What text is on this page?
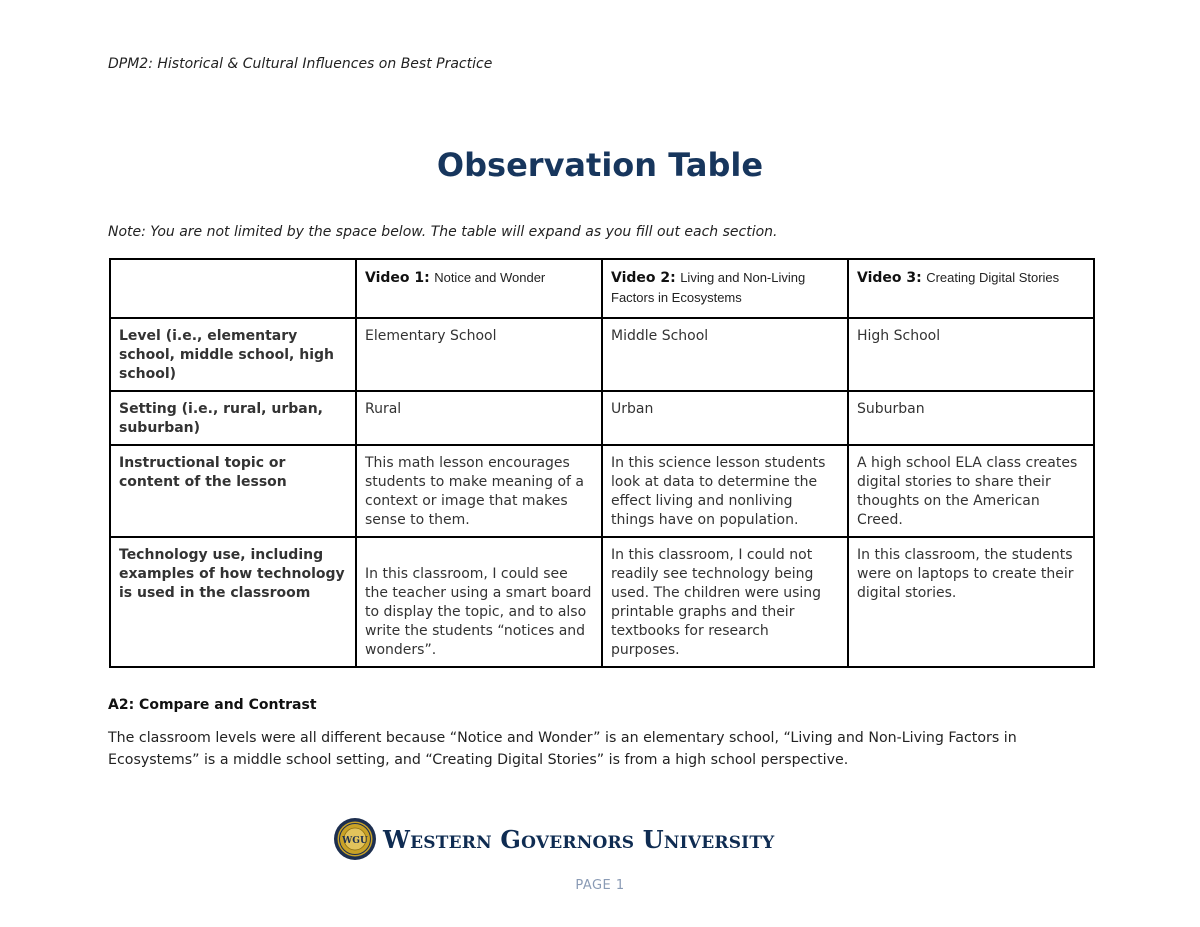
DPM2: Historical & Cultural Influences on Best Practice
Observation Table
Note: You are not limited by the space below. The table will expand as you fill out each section.
	Video 1: Notice and Wonder	Video 2: Living and Non-Living Factors in Ecosystems	Video 3: Creating Digital Stories
Level (i.e., elementary school, middle school, high school)	Elementary School	Middle School	High School
Setting (i.e., rural, urban, suburban)	Rural	Urban	Suburban
Instructional topic or content of the lesson	This math lesson encourages students to make meaning of a context or image that makes sense to them.	In this science lesson students look at data to determine the effect living and nonliving things have on population.	A high school ELA class creates digital stories to share their thoughts on the American Creed.
Technology use, including examples of how technology is used in the classroom	In this classroom, I could see the teacher using a smart board to display the topic, and to also write the students “notices and wonders”.	In this classroom, I could not readily see technology being used. The children were using printable graphs and their textbooks for research purposes.	In this classroom, the students were on laptops to create their digital stories.
A2: Compare and Contrast
The classroom levels were all different because “Notice and Wonder” is an elementary school, “Living and Non-Living Factors in Ecosystems” is a middle school setting, and “Creating Digital Stories” is from a high school perspective.
WGU Western Governors University
PAGE 1
